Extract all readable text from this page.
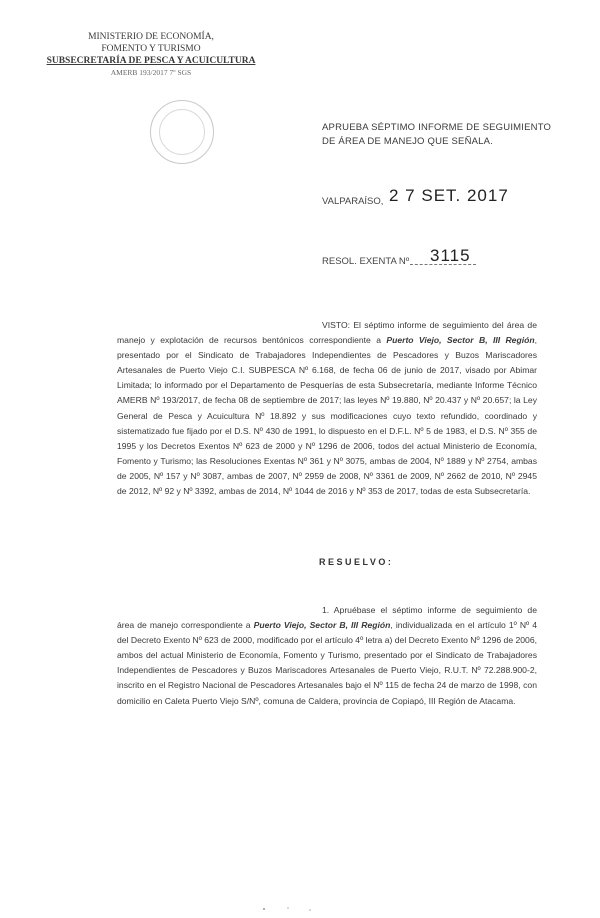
MINISTERIO DE ECONOMÍA,
FOMENTO Y TURISMO
SUBSECRETARÍA DE PESCA Y ACUICULTURA
AMERB 193/2017 7º SGS
APRUEBA SÉPTIMO INFORME DE SEGUIMIENTO DE ÁREA DE MANEJO QUE SEÑALA.
VALPARAÍSO, 2 7 SET. 2017
RESOL. EXENTA Nº 3115
VISTO: El séptimo informe de seguimiento del área de manejo y explotación de recursos bentónicos correspondiente a Puerto Viejo, Sector B, III Región, presentado por el Sindicato de Trabajadores Independientes de Pescadores y Buzos Mariscadores Artesanales de Puerto Viejo C.I. SUBPESCA Nº 6.168, de fecha 06 de junio de 2017, visado por Abimar Limitada; lo informado por el Departamento de Pesquerías de esta Subsecretaría, mediante Informe Técnico AMERB Nº 193/2017, de fecha 08 de septiembre de 2017; las leyes Nº 19.880, Nº 20.437 y Nº 20.657; la Ley General de Pesca y Acuicultura Nº 18.892 y sus modificaciones cuyo texto refundido, coordinado y sistematizado fue fijado por el D.S. Nº 430 de 1991, lo dispuesto en el D.F.L. Nº 5 de 1983, el D.S. Nº 355 de 1995 y los Decretos Exentos Nº 623 de 2000 y Nº 1296 de 2006, todos del actual Ministerio de Economía, Fomento y Turismo; las Resoluciones Exentas Nº 361 y Nº 3075, ambas de 2004, Nº 1889 y Nº 2754, ambas de 2005, Nº 157 y Nº 3087, ambas de 2007, Nº 2959 de 2008, Nº 3361 de 2009, Nº 2662 de 2010, Nº 2945 de 2012, Nº 92 y Nº 3392, ambas de 2014, Nº 1044 de 2016 y Nº 353 de 2017, todas de esta Subsecretaría.
RESUELVO:
1. Apruébase el séptimo informe de seguimiento de área de manejo correspondiente a Puerto Viejo, Sector B, III Región, individualizada en el artículo 1º Nº 4 del Decreto Exento Nº 623 de 2000, modificado por el artículo 4º letra a) del Decreto Exento Nº 1296 de 2006, ambos del actual Ministerio de Economía, Fomento y Turismo, presentado por el Sindicato de Trabajadores Independientes de Pescadores y Buzos Mariscadores Artesanales de Puerto Viejo, R.U.T. Nº 72.288.900-2, inscrito en el Registro Nacional de Pescadores Artesanales bajo el Nº 115 de fecha 24 de marzo de 1998, con domicilio en Caleta Puerto Viejo S/Nº, comuna de Caldera, provincia de Copiapó, III Región de Atacama.
